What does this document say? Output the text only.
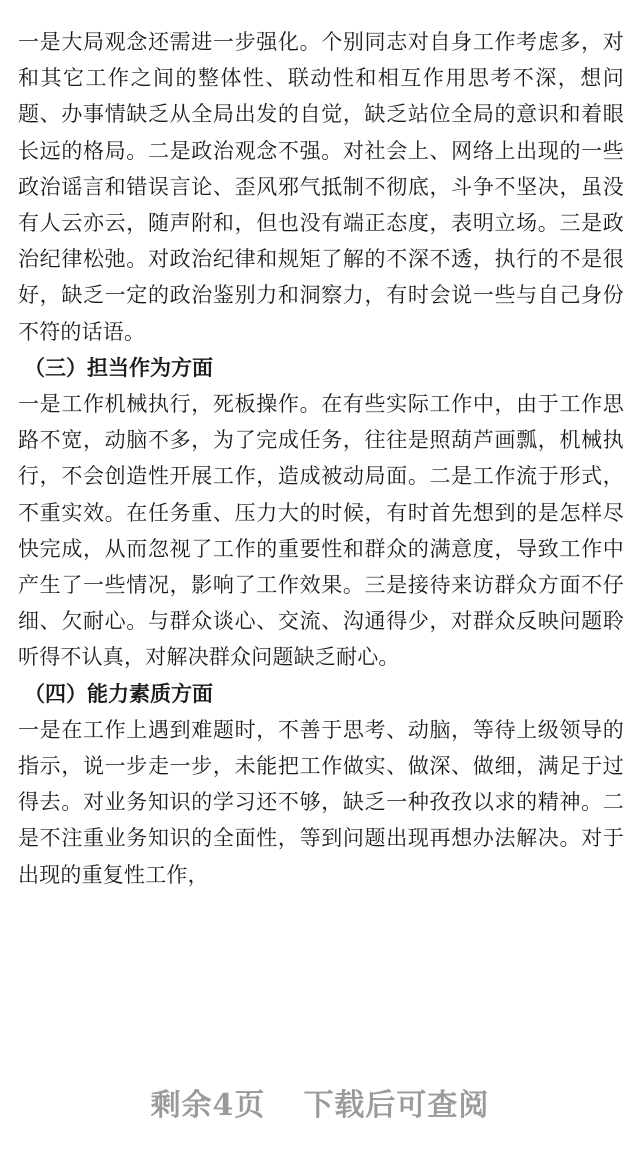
一是大局观念还需进一步强化。个别同志对自身工作考虑多，对和其它工作之间的整体性、联动性和相互作用思考不深，想问题、办事情缺乏从全局出发的自觉，缺乏站位全局的意识和着眼长远的格局。二是政治观念不强。对社会上、网络上出现的一些政治谣言和错误言论、歪风邪气抵制不彻底，斗争不坚决，虽没有人云亦云，随声附和，但也没有端正态度，表明立场。三是政治纪律松弛。对政治纪律和规矩了解的不深不透，执行的不是很好，缺乏一定的政治鉴别力和洞察力，有时会说一些与自己身份不符的话语。

（三）担当作为方面

一是工作机械执行，死板操作。在有些实际工作中，由于工作思路不宽，动脑不多，为了完成任务，往往是照葫芦画瓢，机械执行，不会创造性开展工作，造成被动局面。二是工作流于形式，不重实效。在任务重、压力大的时候，有时首先想到的是怎样尽快完成，从而忽视了工作的重要性和群众的满意度，导致工作中产生了一些情况，影响了工作效果。三是接待来访群众方面不仔细、欠耐心。与群众谈心、交流、沟通得少，对群众反映问题聆听得不认真，对解决群众问题缺乏耐心。

（四）能力素质方面

一是在工作上遇到难题时，不善于思考、动脑，等待上级领导的指示，说一步走一步，未能把工作做实、做深、做细，满足于过得去。对业务知识的学习还不够，缺乏一种孜孜以求的精神。二是不注重业务知识的全面性，等到问题出现再想办法解决。对于出现的重复性工作，

剩余4页 下载后可查阅
